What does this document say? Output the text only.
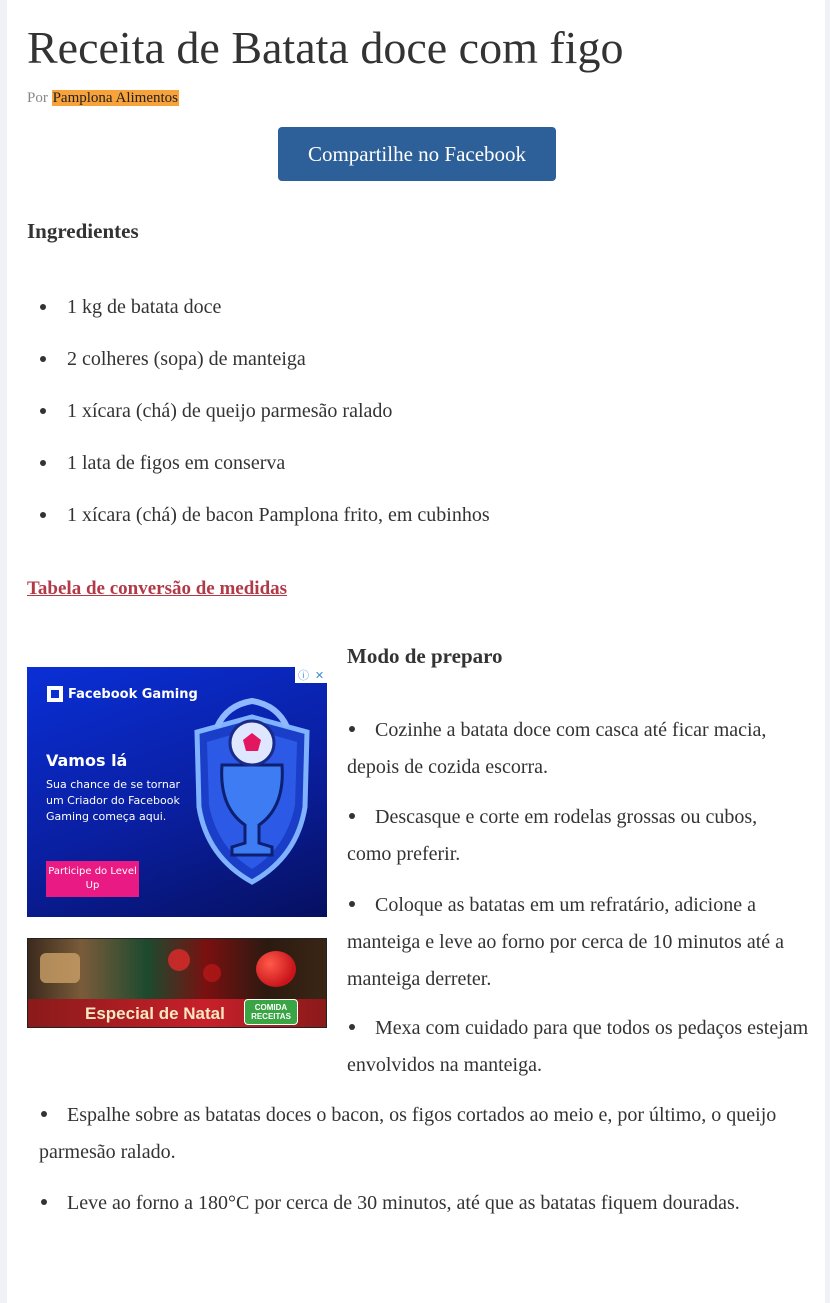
Receita de Batata doce com figo
Por Pamplona Alimentos
Compartilhe no Facebook
Ingredientes
1 kg de batata doce
2 colheres (sopa) de manteiga
1 xícara (chá) de queijo parmesão ralado
1 lata de figos em conserva
1 xícara (chá) de bacon Pamplona frito, em cubinhos
Tabela de conversão de medidas
ⓘ ✕
Facebook Gaming
Vamos lá
Sua chance de se tornar um Criador do Facebook Gaming começa aqui.
Participe do Level Up
Especial de Natal	COMIDA RECEITAS
Modo de preparo

Cozinhe a batata doce com casca até ficar macia, depois de cozida escorra.

Descasque e corte em rodelas grossas ou cubos, como preferir.

Coloque as batatas em um refratário, adicione a manteiga e leve ao forno por cerca de 10 minutos até a manteiga derreter.

Mexa com cuidado para que todos os pedaços estejam envolvidos na manteiga.

Espalhe sobre as batatas doces o bacon, os figos cortados ao meio e, por último, o queijo parmesão ralado.

Leve ao forno a 180°C por cerca de 30 minutos, até que as batatas fiquem douradas.
